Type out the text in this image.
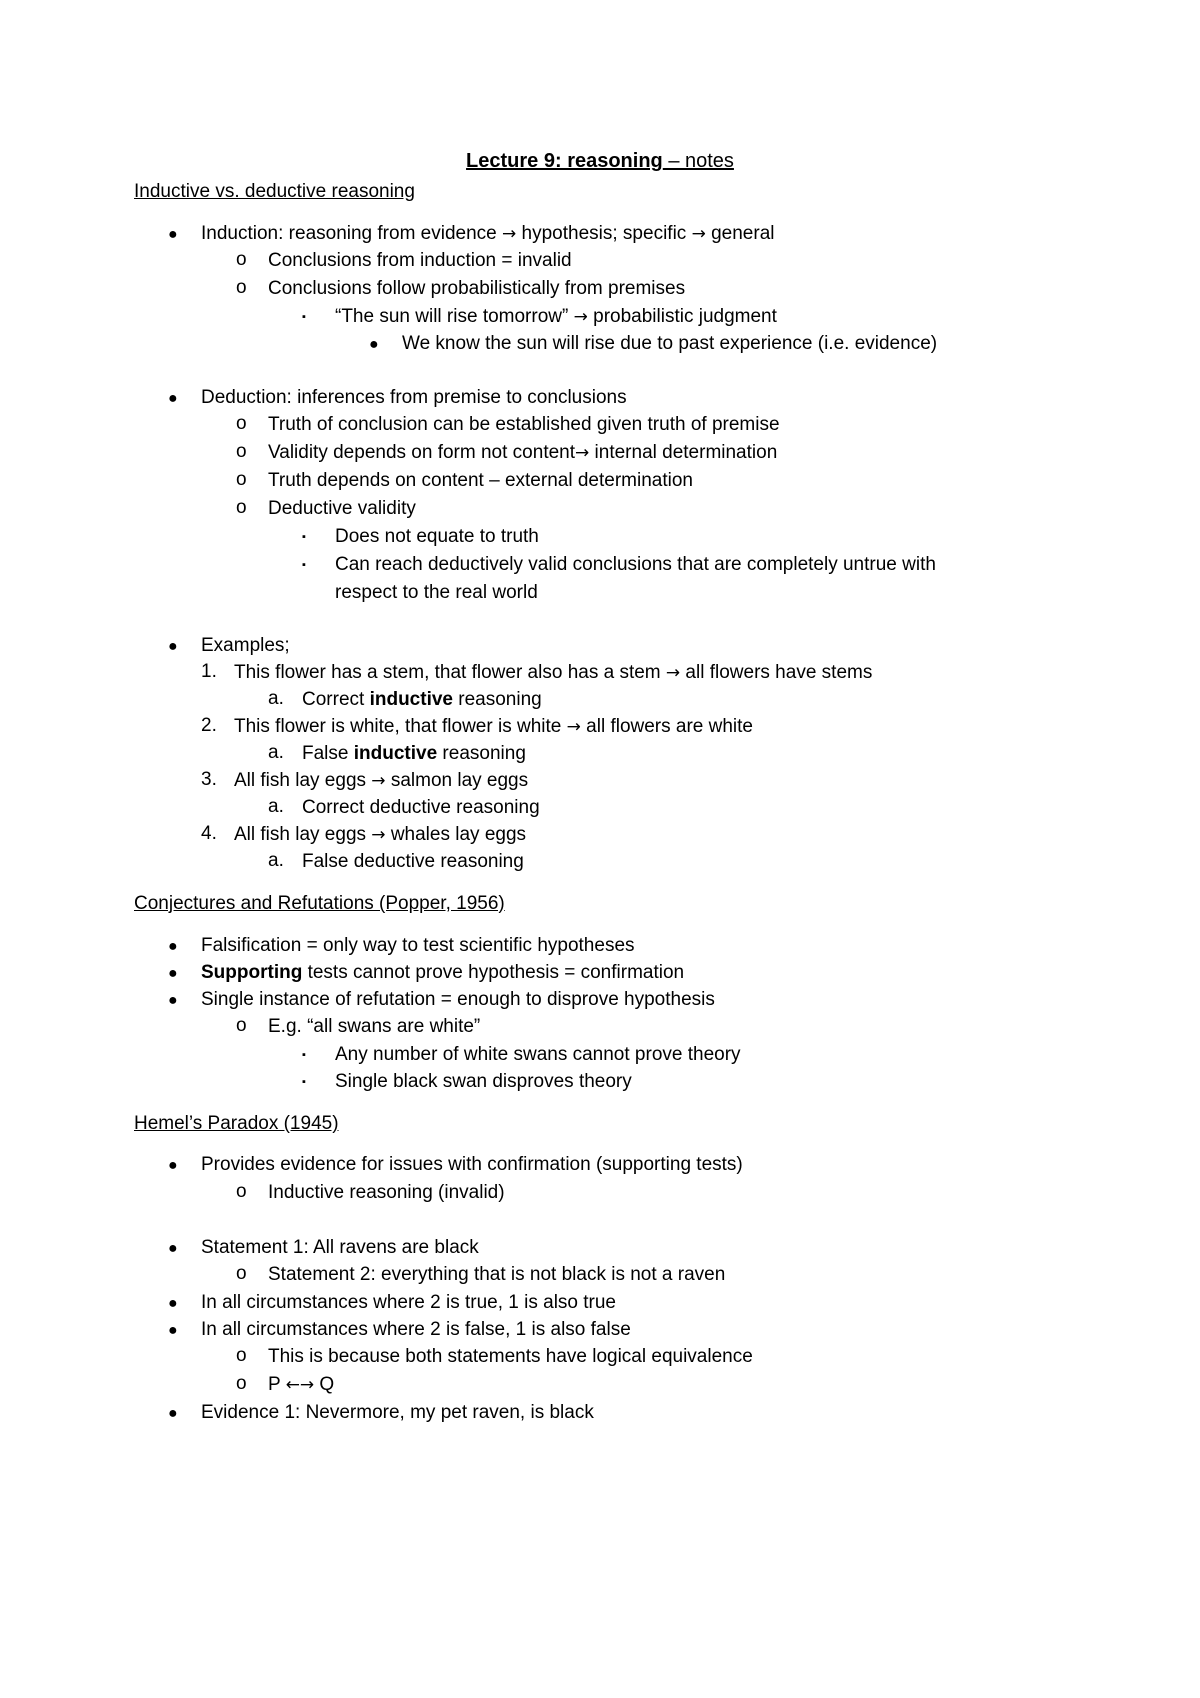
Lecture 9: reasoning – notes
Inductive vs. deductive reasoning
● Induction: reasoning from evidence → hypothesis; specific → general
o Conclusions from induction = invalid
o Conclusions follow probabilistically from premises
▪ “The sun will rise tomorrow” → probabilistic judgment
● We know the sun will rise due to past experience (i.e. evidence)
● Deduction: inferences from premise to conclusions
o Truth of conclusion can be established given truth of premise
o Validity depends on form not content→ internal determination
o Truth depends on content – external determination
o Deductive validity
▪ Does not equate to truth
▪ Can reach deductively valid conclusions that are completely untrue with
respect to the real world
● Examples;
1. This flower has a stem, that flower also has a stem → all flowers have stems
a. Correct inductive reasoning
2. This flower is white, that flower is white → all flowers are white
a. False inductive reasoning
3. All fish lay eggs → salmon lay eggs
a. Correct deductive reasoning
4. All fish lay eggs → whales lay eggs
a. False deductive reasoning
Conjectures and Refutations (Popper, 1956)
● Falsification = only way to test scientific hypotheses
● Supporting tests cannot prove hypothesis = confirmation
● Single instance of refutation = enough to disprove hypothesis
o E.g. “all swans are white”
▪ Any number of white swans cannot prove theory
▪ Single black swan disproves theory
Hemel’s Paradox (1945)
● Provides evidence for issues with confirmation (supporting tests)
o Inductive reasoning (invalid)
● Statement 1: All ravens are black
o Statement 2: everything that is not black is not a raven
● In all circumstances where 2 is true, 1 is also true
● In all circumstances where 2 is false, 1 is also false
o This is because both statements have logical equivalence
o P ←→ Q
● Evidence 1: Nevermore, my pet raven, is black
